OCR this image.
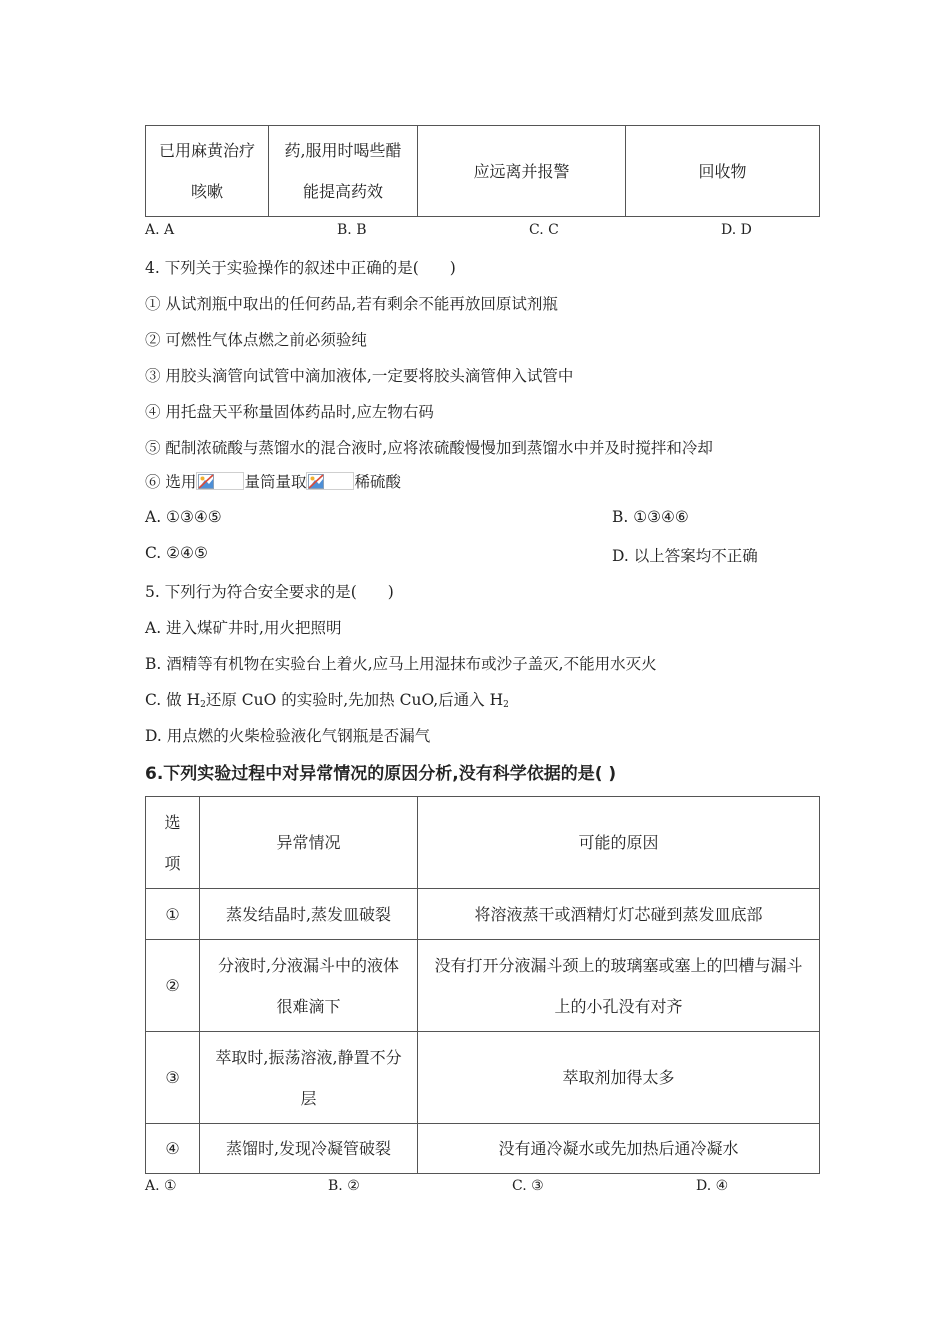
已用麻黄治疗咳嗽	药,服用时喝些醋能提高药效	应远离并报警	回收物
A. A	B. B	C. C	D. D
4. 下列关于实验操作的叙述中正确的是(　　)
① 从试剂瓶中取出的任何药品,若有剩余不能再放回原试剂瓶
② 可燃性气体点燃之前必须验纯
③ 用胶头滴管向试管中滴加液体,一定要将胶头滴管伸入试管中
④ 用托盘天平称量固体药品时,应左物右码
⑤ 配制浓硫酸与蒸馏水的混合液时,应将浓硫酸慢慢加到蒸馏水中并及时搅拌和冷却
⑥ 选用	量筒量取	稀硫酸
A. ①③④⑤	B. ①③④⑥
C. ②④⑤	D. 以上答案均不正确
5. 下列行为符合安全要求的是(　　)
A. 进入煤矿井时,用火把照明
B. 酒精等有机物在实验台上着火,应马上用湿抹布或沙子盖灭,不能用水灭火
C. 做 $H_2$还原 CuO 的实验时,先加热 CuO,后通入 $H_2$
D. 用点燃的火柴检验液化气钢瓶是否漏气
6.下列实验过程中对异常情况的原因分析,没有科学依据的是( )
选项	异常情况	可能的原因
①	蒸发结晶时,蒸发皿破裂	将溶液蒸干或酒精灯灯芯碰到蒸发皿底部
②	分液时,分液漏斗中的液体很难滴下	没有打开分液漏斗颈上的玻璃塞或塞上的凹槽与漏斗上的小孔没有对齐
③	萃取时,振荡溶液,静置不分层	萃取剂加得太多
④	蒸馏时,发现冷凝管破裂	没有通冷凝水或先加热后通冷凝水
A. ①	B. ②	C. ③	D. ④
